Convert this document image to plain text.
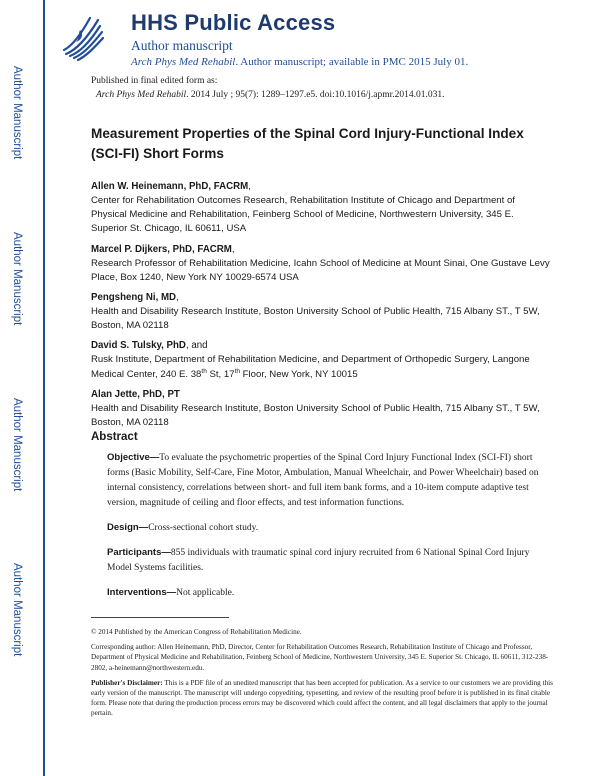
Author Manuscript
Author Manuscript
Author Manuscript
Author Manuscript
HHS Public Access
Author manuscript
Arch Phys Med Rehabil. Author manuscript; available in PMC 2015 July 01.
Published in final edited form as:
Arch Phys Med Rehabil. 2014 July ; 95(7): 1289–1297.e5. doi:10.1016/j.apmr.2014.01.031.
Measurement Properties of the Spinal Cord Injury-Functional Index (SCI-FI) Short Forms
Allen W. Heinemann, PhD, FACRM,
Center for Rehabilitation Outcomes Research, Rehabilitation Institute of Chicago and Department of Physical Medicine and Rehabilitation, Feinberg School of Medicine, Northwestern University, 345 E. Superior St. Chicago, IL 60611, USA
Marcel P. Dijkers, PhD, FACRM,
Research Professor of Rehabilitation Medicine, Icahn School of Medicine at Mount Sinai, One Gustave Levy Place, Box 1240, New York NY 10029-6574 USA
Pengsheng Ni, MD,
Health and Disability Research Institute, Boston University School of Public Health, 715 Albany ST., T 5W, Boston, MA 02118
David S. Tulsky, PhD, and
Rusk Institute, Department of Rehabilitation Medicine, and Department of Orthopedic Surgery, Langone Medical Center, 240 E. 38th St, 17th Floor, New York, NY 10015
Alan Jette, PhD, PT
Health and Disability Research Institute, Boston University School of Public Health, 715 Albany ST., T 5W, Boston, MA 02118
Abstract

Objective—To evaluate the psychometric properties of the Spinal Cord Injury Functional Index (SCI-FI) short forms (Basic Mobility, Self-Care, Fine Motor, Ambulation, Manual Wheelchair, and Power Wheelchair) based on internal consistency, correlations between short- and full item bank forms, and a 10-item compute adaptive test version, magnitude of ceiling and floor effects, and test information functions.

Design—Cross-sectional cohort study.

Participants—855 individuals with traumatic spinal cord injury recruited from 6 National Spinal Cord Injury Model Systems facilities.

Interventions—Not applicable.

© 2014 Published by the American Congress of Rehabilitation Medicine.

Corresponding author: Allen Heinemann, PhD, Director, Center for Rehabilitation Outcomes Research, Rehabilitation Institute of Chicago and Professor, Department of Physical Medicine and Rehabilitation, Feinberg School of Medicine, Northwestern University, 345 E. Superior St. Chicago, IL 60611, 312-238-2802, a-heinemann@northwestern.edu.

Publisher's Disclaimer: This is a PDF file of an unedited manuscript that has been accepted for publication. As a service to our customers we are providing this early version of the manuscript. The manuscript will undergo copyediting, typesetting, and review of the resulting proof before it is published in its final citable form. Please note that during the production process errors may be discovered which could affect the content, and all legal disclaimers that apply to the journal pertain.
